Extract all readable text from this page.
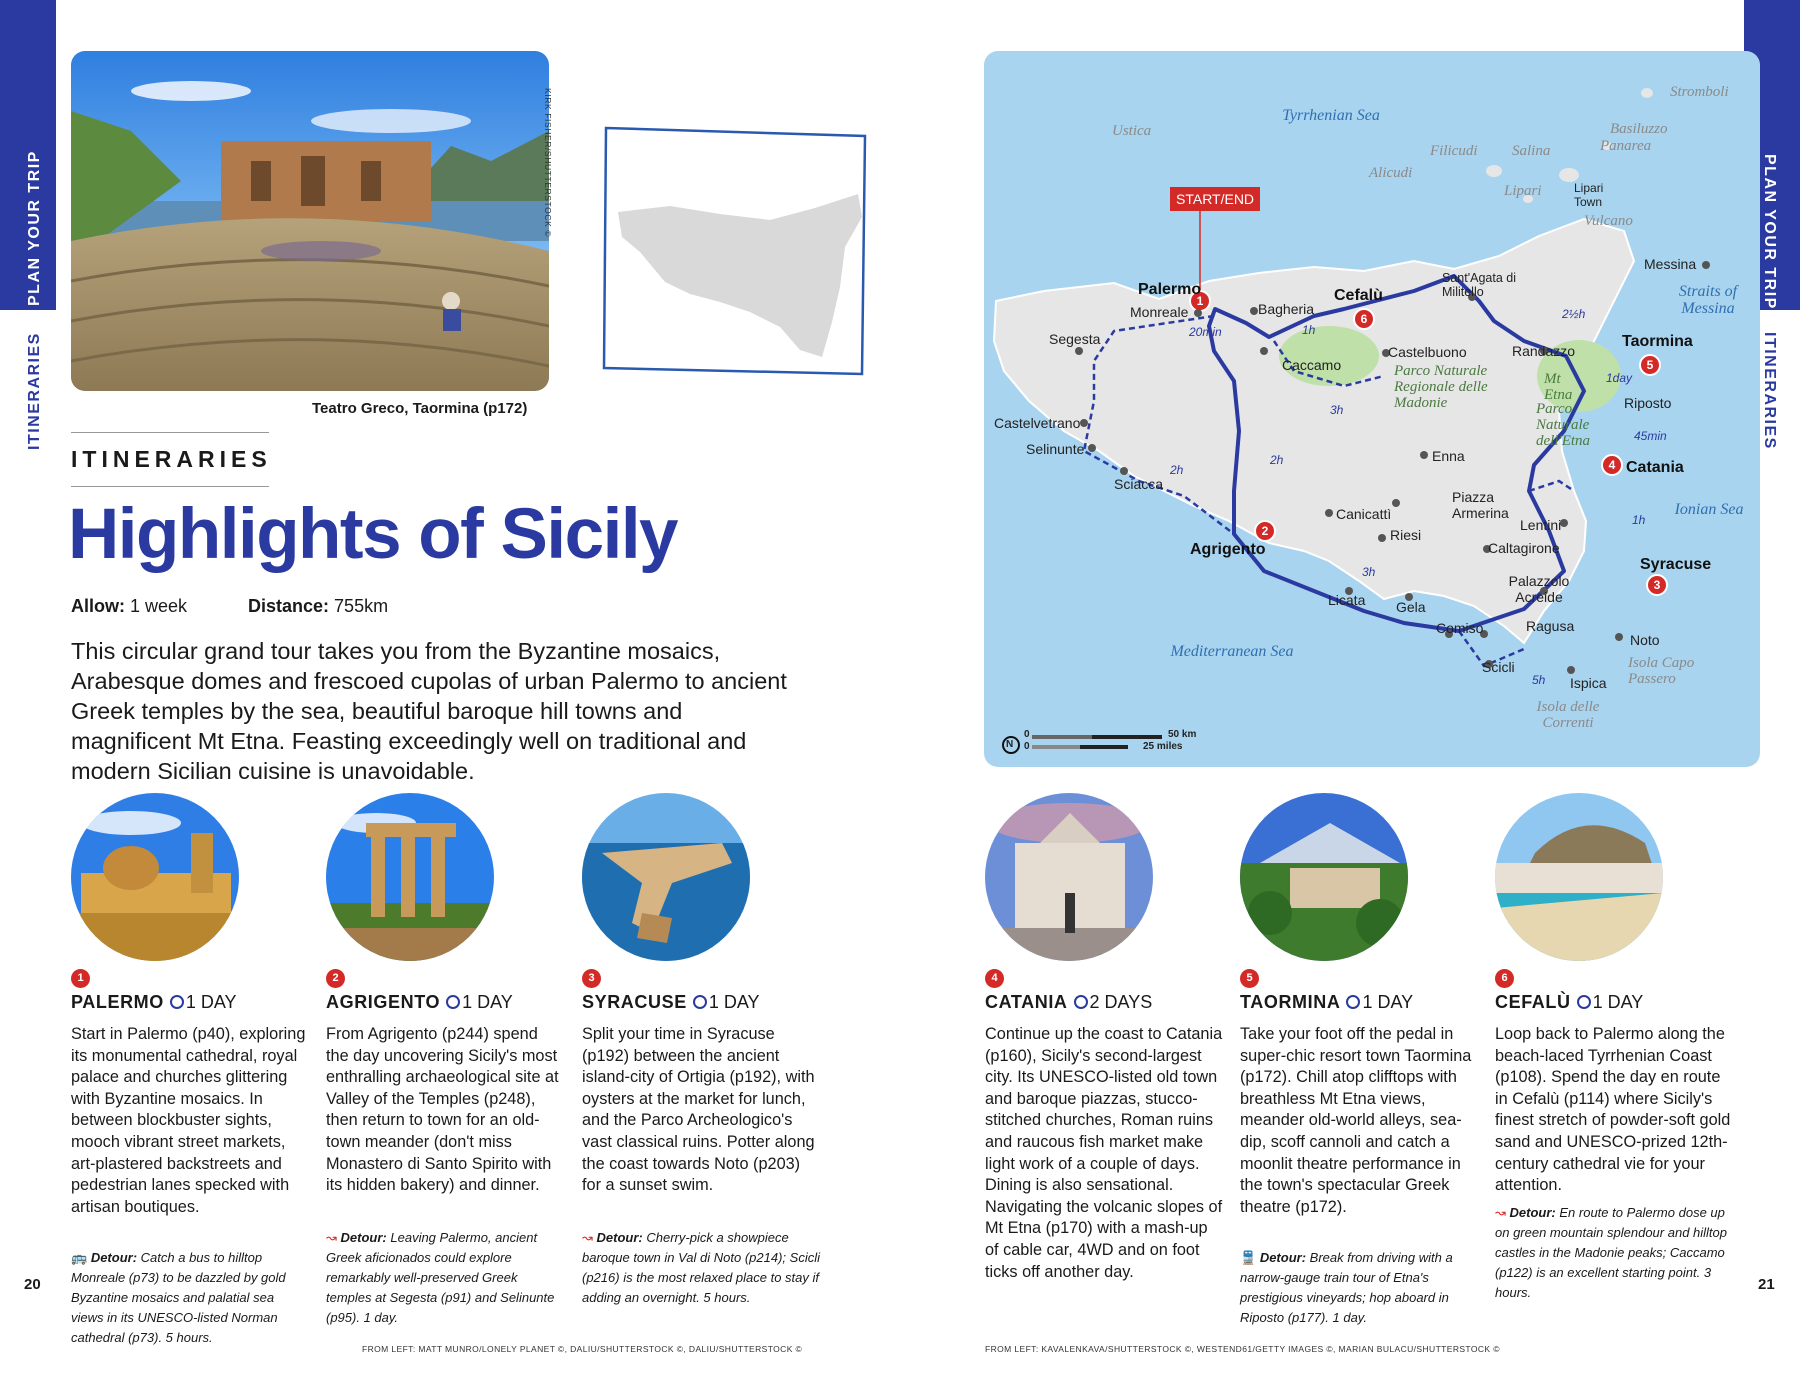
PLAN YOUR TRIP
ITINERARIES
PLAN YOUR TRIP
ITINERARIES
KIRK FISHER/SHUTTERSTOCK ©
Teatro Greco, Taormina (p172)
ITINERARIES
Highlights of Sicily
Allow: 1 week	Distance: 755km
This circular grand tour takes you from the Byzantine mosaics, Arabesque domes and frescoed cupolas of urban Palermo to ancient Greek temples by the sea, beautiful baroque hill towns and magnificent Mt Etna. Feasting exceedingly well on traditional and modern Sicilian cuisine is unavoidable.
1	2	3	4	5	6
PALERMO 1 DAY	AGRIGENTO 1 DAY	SYRACUSE 1 DAY	CATANIA 2 DAYS	TAORMINA 1 DAY	CEFALÙ 1 DAY
Start in Palermo (p40), exploring its monumental cathedral, royal palace and churches glittering with Byzantine mosaics. In between blockbuster sights, mooch vibrant street markets, art-plastered backstreets and pedestrian lanes specked with artisan boutiques.
From Agrigento (p244) spend the day uncovering Sicily's most enthralling archaeological site at Valley of the Temples (p248), then return to town for an old-town meander (don't miss Monastero di Santo Spirito with its hidden bakery) and dinner.
Split your time in Syracuse (p192) between the ancient island-city of Ortigia (p192), with oysters at the market for lunch, and the Parco Archeologico's vast classical ruins. Potter along the coast towards Noto (p203) for a sunset swim.
Continue up the coast to Catania (p160), Sicily's second-largest city. Its UNESCO-listed old town and baroque piazzas, stucco-stitched churches, Roman ruins and raucous fish market make light work of a couple of days. Dining is also sensational. Navigating the volcanic slopes of Mt Etna (p170) with a mash-up of cable car, 4WD and on foot ticks off another day.
Take your foot off the pedal in super-chic resort town Taormina (p172). Chill atop clifftops with breathless Mt Etna views, meander old-world alleys, sea-dip, scoff cannoli and catch a moonlit theatre performance in the town's spectacular Greek theatre (p172).
Loop back to Palermo along the beach-laced Tyrrhenian Coast (p108). Spend the day en route in Cefalù (p114) where Sicily's finest stretch of powder-soft gold sand and UNESCO-prized 12th-century cathedral vie for your attention.
🚌 Detour: Catch a bus to hilltop Monreale (p73) to be dazzled by gold Byzantine mosaics and palatial sea views in its UNESCO-listed Norman cathedral (p73). 5 hours.
↝ Detour: Leaving Palermo, ancient Greek aficionados could explore remarkably well-preserved Greek temples at Segesta (p91) and Selinunte (p95). 1 day.
↝ Detour: Cherry-pick a showpiece baroque town in Val di Noto (p214); Scicli (p216) is the most relaxed place to stay if adding an overnight. 5 hours.
🚆 Detour: Break from driving with a narrow-gauge train tour of Etna's prestigious vineyards; hop aboard in Riposto (p177). 1 day.
↝ Detour: En route to Palermo dose up on green mountain splendour and hilltop castles in the Madonie peaks; Caccamo (p122) is an excellent starting point. 3 hours.
20	21
FROM LEFT: MATT MUNRO/LONELY PLANET ©, DALIU/SHUTTERSTOCK ©, DALIU/SHUTTERSTOCK ©	FROM LEFT: KAVALENKAVA/SHUTTERSTOCK ©, WESTEND61/GETTY IMAGES ©, MARIAN BULACU/SHUTTERSTOCK ©
1
2
3
4
5
6
Tyrrhenian Sea
Mediterranean Sea
Ionian Sea
Straits of Messina
Ustica
Stromboli
Basiluzzo
Panarea
Filicudi Salina
Alicudi
Lipari
Vulcano
Isola Capo Passero
Isola delle Correnti
Parco Naturale Regionale delle Madonie
Mt Etna
Parco Naturale dell'Etna
Lipari Town
Messina
Palermo
Monreale	Bagheria
Cefalù
Sant'Agata di Militello
Segesta
Caccamo
Castelbuono	Randazzo
Taormina
Riposto
Castelvetrano
Selinunte	Enna
Catania
Sciacca
Canicattì
Piazza Armerina
Riesi
Lentini
Caltagirone
Agrigento
Syracuse
Palazzolo Acreide
Licata Gela
Comiso	Ragusa
Noto
Scicli
Ispica
20min	1h
3h
2h
2h
3h
5h
1h
45min
1day
2½h
0
0
50 km
25 miles
N
START/END
